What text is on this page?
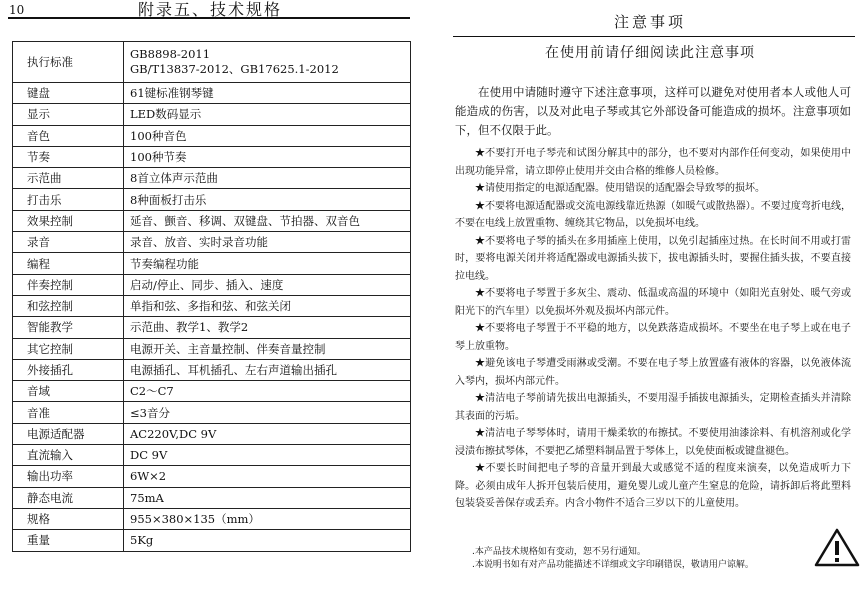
10	附录五、技术规格
执行标准	GB8898-2011
GB/T13837-2012、GB17625.1-2012

键盘	61键标准钢琴键
显示	LED数码显示
音色	100种音色
节奏	100种节奏
示范曲	8首立体声示范曲
打击乐	8种面板打击乐
效果控制	延音、颤音、移调、双键盘、节拍器、双音色
录音	录音、放音、实时录音功能
编程	节奏编程功能
伴奏控制	启动/停止、同步、插入、速度
和弦控制	单指和弦、多指和弦、和弦关闭
智能教学	示范曲、教学1、教学2
其它控制	电源开关、主音量控制、伴奏音量控制
外接插孔	电源插孔、耳机插孔、左右声道输出插孔
音域	C2～C7
音准	≤3音分
电源适配器	AC220V,DC 9V
直流输入	DC 9V
输出功率	6W×2
静态电流	75mA
规格	955×380×135（mm）
重量	5Kg
注意事项
在使用前请仔细阅读此注意事项

在使用中请随时遵守下述注意事项，这样可以避免对使用者本人或他人可能造成的伤害，以及对此电子琴或其它外部设备可能造成的损坏。注意事项如下，但不仅限于此。

★不要打开电子琴壳和试图分解其中的部分，也不要对内部作任何变动，如果使用中出现功能异常，请立即停止使用并交由合格的维修人员检修。
★请使用指定的电源适配器。使用错误的适配器会导致琴的损坏。
★不要将电源适配器或交流电源线靠近热源（如暖气或散热器）。不要过度弯折电线，不要在电线上放置重物、缠绕其它物品，以免损坏电线。
★不要将电子琴的插头在多用插座上使用，以免引起插座过热。在长时间不用或打雷时，要将电源关闭并将适配器或电源插头拔下，拔电源插头时，要握住插头拔，不要直接拉电线。
★不要将电子琴置于多灰尘、震动、低温或高温的环境中（如阳光直射处、暖气旁或阳光下的汽车里）以免损坏外观及损坏内部元件。
★不要将电子琴置于不平稳的地方，以免跌落造成损坏。不要坐在电子琴上或在电子琴上放重物。
★避免该电子琴遭受雨淋或受潮。不要在电子琴上放置盛有液体的容器，以免液体流入琴内，损坏内部元件。
★清洁电子琴前请先拔出电源插头，不要用湿手插拔电源插头，定期检查插头并清除其表面的污垢。
★清洁电子琴琴体时，请用干燥柔软的布擦拭。不要使用油漆涂料、有机溶剂或化学浸渍布擦拭琴体，不要把乙烯塑料制品置于琴体上，以免使面板或键盘褪色。
★不要长时间把电子琴的音量开到最大或感觉不适的程度来演奏，以免造成听力下降。必须由成年人拆开包装后使用，避免婴儿或儿童产生窒息的危险，请拆卸后将此塑料包装袋妥善保存或丢弃。内含小物件不适合三岁以下的儿童使用。
.本产品技术规格如有变动，恕不另行通知。
.本说明书如有对产品功能描述不详细或文字印刷错误，敬请用户谅解。
